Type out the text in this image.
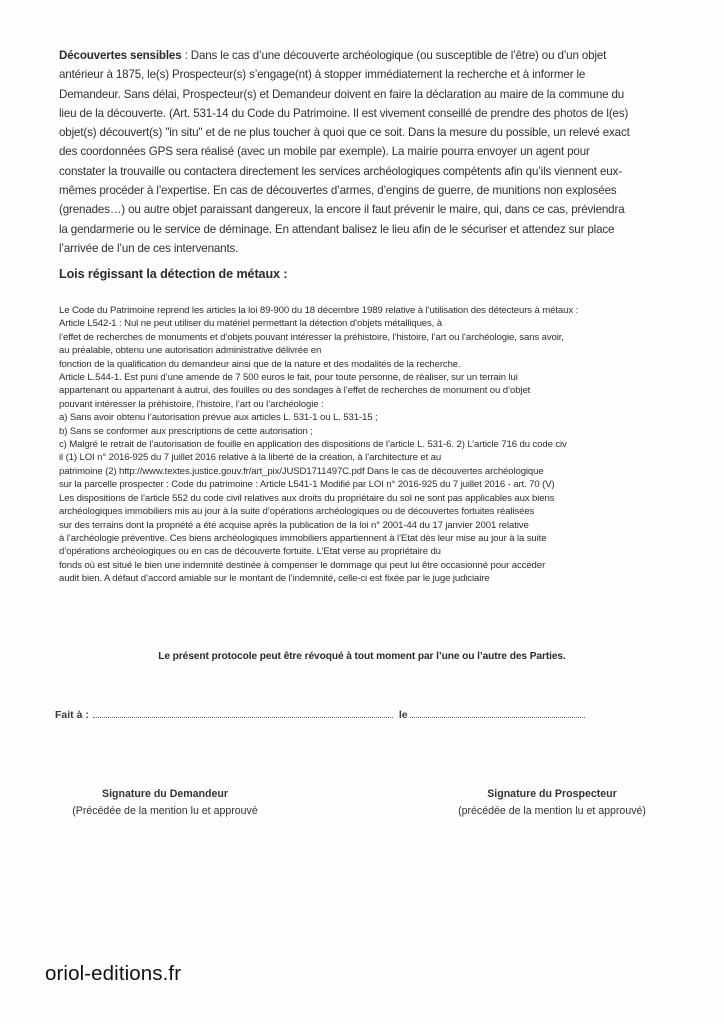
Découvertes sensibles : Dans le cas d’une découverte archéologique (ou susceptible de l’être) ou d’un objet
antérieur à 1875, le(s) Prospecteur(s) s’engage(nt) à stopper immédiatement la recherche et à informer le
Demandeur. Sans délai, Prospecteur(s) et Demandeur doivent en faire la déclaration au maire de la commune du
lieu de la découverte. (Art. 531-14 du Code du Patrimoine. Il est vivement conseillé de prendre des photos de l(es)
objet(s) découvert(s) "in situ" et de ne plus toucher à quoi que ce soit. Dans la mesure du possible, un relevé exact
des coordonnées GPS sera réalisé (avec un mobile par exemple). La mairie pourra envoyer un agent pour
constater la trouvaille ou contactera directement les services archéologiques compétents afin qu’ils viennent eux-
mêmes procéder à l’expertise. En cas de découvertes d’armes, d’engins de guerre, de munitions non explosées
(grenades…) ou autre objet paraissant dangereux, la encore il faut prévenir le maire, qui, dans ce cas, préviendra
la gendarmerie ou le service de déminage. En attendant balisez le lieu afin de le sécuriser et attendez sur place
l’arrivée de l’un de ces intervenants.
Lois régissant la détection de métaux :
Le Code du Patrimoine reprend les articles la loi 89-900 du 18 décembre 1989 relative à l’utilisation des détecteurs à métaux :
Article L542-1 : Nul ne peut utiliser du matériel permettant la détection d’objets métalliques, à
l’effet de recherches de monuments et d’objets pouvant intéresser la préhistoire, l’histoire, l’art ou l’archéologie, sans avoir,
au préalable, obtenu une autorisation administrative délivrée en
fonction de la qualification du demandeur ainsi que de la nature et des modalités de la recherche.
Article L.544-1. Est puni d’une amende de 7 500 euros le fait, pour toute personne, de réaliser, sur un terrain lui
appartenant ou appartenant à autrui, des fouilles ou des sondages à l’effet de recherches de monument ou d’objet
pouvant intéresser la préhistoire, l’histoire, l’art ou l’archéologie :
a) Sans avoir obtenu l’autorisation prévue aux articles L. 531-1 ou L. 531-15 ;
b) Sans se conformer aux prescriptions de cette autorisation ;
c) Malgré le retrait de l’autorisation de fouille en application des dispositions de l’article L. 531-6. 2) L’article 716 du code civ
il (1) LOI n° 2016-925 du 7 juillet 2016 relative à la liberté de la création, à l’architecture et au
patrimoine (2) http://www.textes.justice.gouv.fr/art_pix/JUSD1711497C.pdf Dans le cas de découvertes archéologique
sur la parcelle prospecter : Code du patrimoine : Article L541-1 Modifié par LOI n° 2016-925 du 7 juillet 2016 - art. 70 (V)
Les dispositions de l’article 552 du code civil relatives aux droits du propriétaire du sol ne sont pas applicables aux biens
archéologiques immobiliers mis au jour à la suite d’opérations archéologiques ou de découvertes fortuites réalisées
sur des terrains dont la propriété a été acquise après la publication de la loi n° 2001-44 du 17 janvier 2001 relative
à l’archéologie préventive. Ces biens archéologiques immobiliers appartiennent à l’Etat dès leur mise au jour à la suite
d’opérations archéologiques ou en cas de découverte fortuite. L’Etat verse au propriétaire du
fonds où est situé le bien une indemnité destinée à compenser le dommage qui peut lui être occasionné pour accéder
audit bien. A défaut d’accord amiable sur le montant de l’indemnité, celle-ci est fixée par le juge judiciaire
Le présent protocole peut être révoqué à tout moment par l’une ou l’autre des Parties.
Fait à :	le
Signature du Demandeur
(Précédée de la mention lu et approuvé
Signature du Prospecteur
(précédée de la mention lu et approuvé)
oriol-editions.fr
